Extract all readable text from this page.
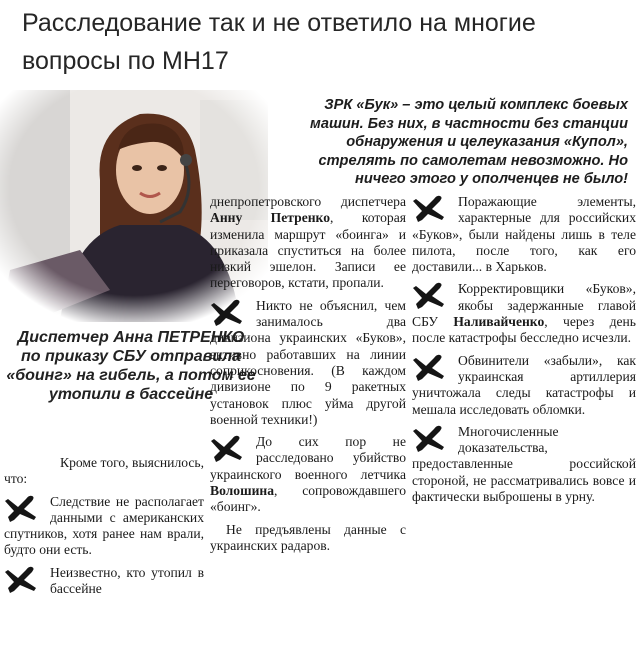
Расследование так и не ответило на многие вопросы по МН17
Диспетчер Анна ПЕТРЕНКО по приказу СБУ отправила «боинг» на гибель, а потом ее утопили в бассейне
ЗРК «Бук» – это целый комплекс боевых машин. Без них, в частности без станции обнаружения и целеуказания «Купол», стрелять по самолетам невозможно. Но ничего этого у ополченцев не было!

Кроме того, выяснилось, что:

Следствие не располагает данными с американских спутников, хотя ранее нам врали, будто они есть.

Неизвестно, кто утопил в бассейне

днепропетровского диспетчера Анну Петренко, которая изменила маршрут «боинга» и приказала спуститься на более низкий эшелон. Записи ее переговоров, кстати, пропали.

Никто не объяснил, чем занималось два дивизиона украинских «Буков», активно работавших на линии соприкосновения. (В каждом дивизионе по 9 ракетных установок плюс уйма другой военной техники!)

До сих пор не расследовано убийство украинского военного летчика Волошина, сопровождавшего «боинг».

Не предъявлены данные с украинских радаров.

Поражающие элементы, характерные для российских «Буков», были найдены лишь в теле пилота, после того, как его доставили... в Харьков.

Корректировщики «Буков», якобы задержанные главой СБУ Наливайченко, через день после катастрофы бесследно исчезли.

Обвинители «забыли», как украинская артиллерия уничтожала следы катастрофы и мешала исследовать обломки.

Многочисленные доказательства, предоставленные российской стороной, не рассматривались вовсе и фактически выброшены в урну.
